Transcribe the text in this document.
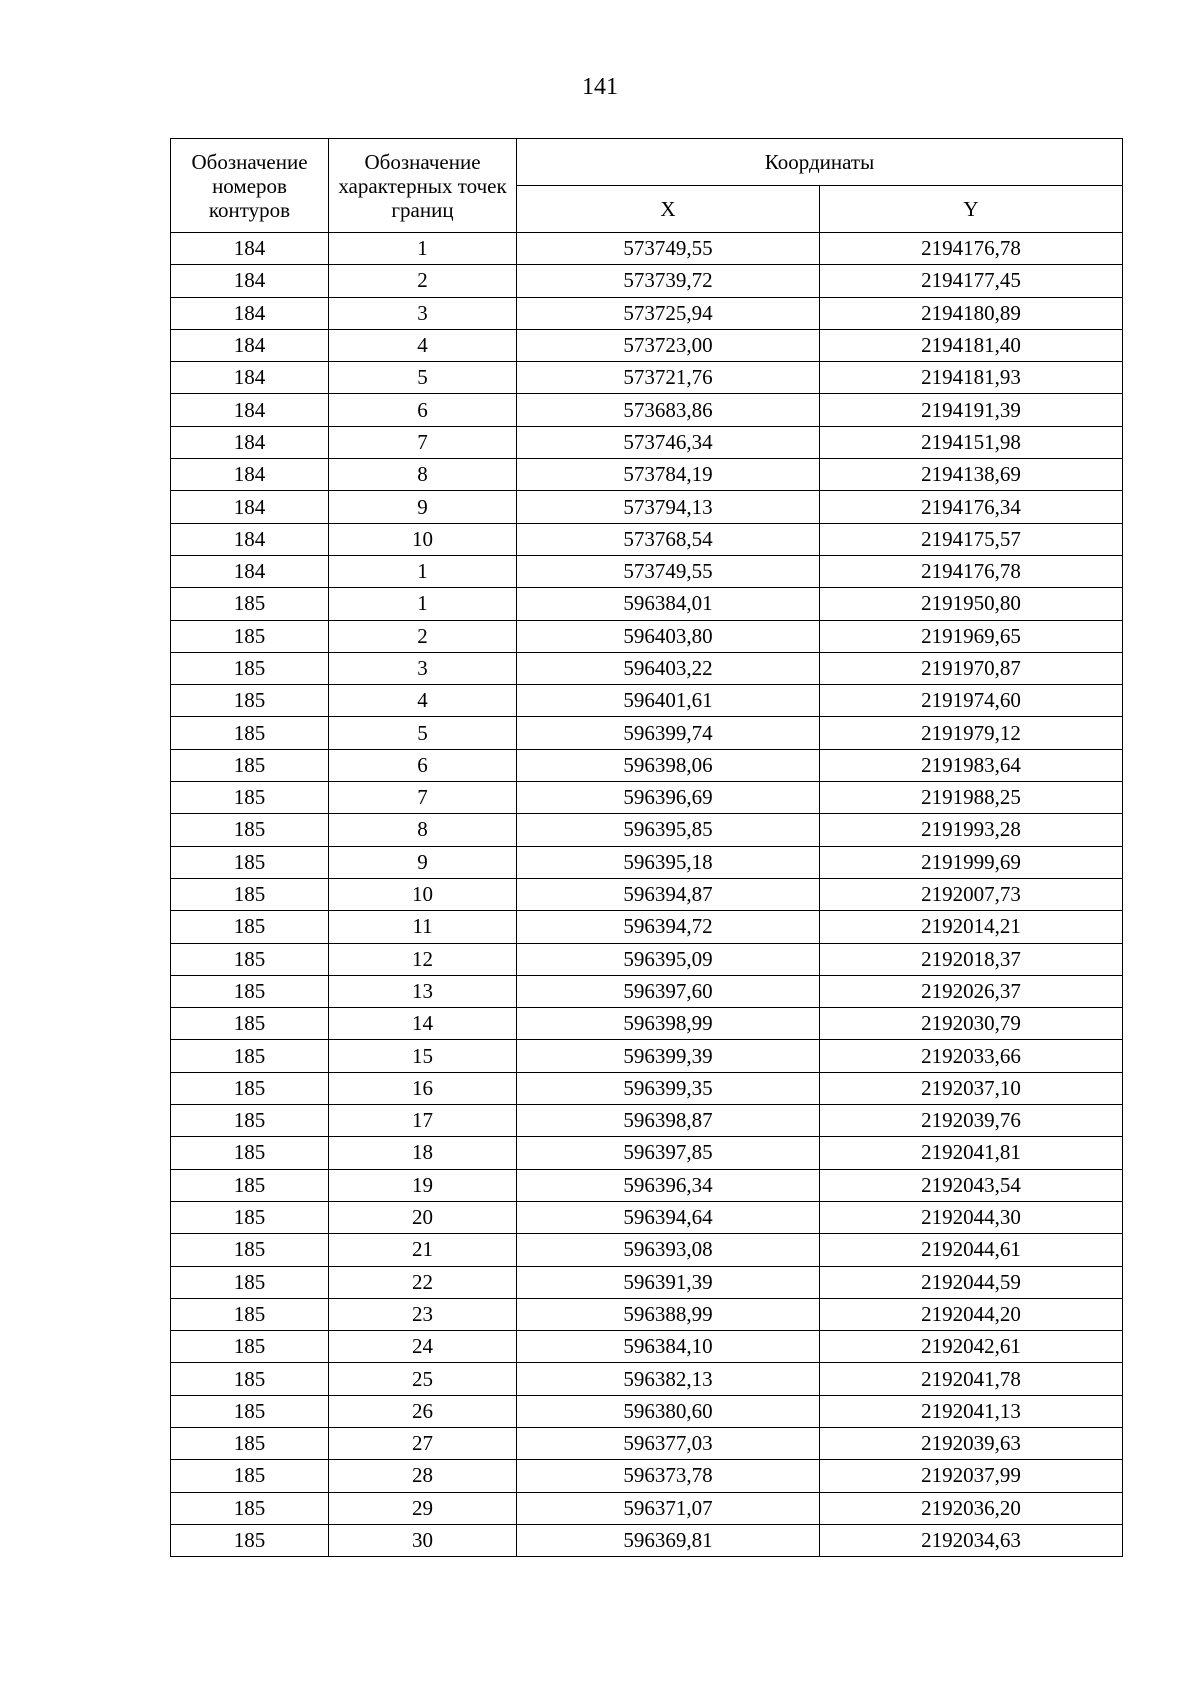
141
Обозначение номеров контуров	Обозначение характерных точек границ	Координаты	
		X	Y
184	1	573749,55	2194176,78
184	2	573739,72	2194177,45
184	3	573725,94	2194180,89
184	4	573723,00	2194181,40
184	5	573721,76	2194181,93
184	6	573683,86	2194191,39
184	7	573746,34	2194151,98
184	8	573784,19	2194138,69
184	9	573794,13	2194176,34
184	10	573768,54	2194175,57
184	1	573749,55	2194176,78
185	1	596384,01	2191950,80
185	2	596403,80	2191969,65
185	3	596403,22	2191970,87
185	4	596401,61	2191974,60
185	5	596399,74	2191979,12
185	6	596398,06	2191983,64
185	7	596396,69	2191988,25
185	8	596395,85	2191993,28
185	9	596395,18	2191999,69
185	10	596394,87	2192007,73
185	11	596394,72	2192014,21
185	12	596395,09	2192018,37
185	13	596397,60	2192026,37
185	14	596398,99	2192030,79
185	15	596399,39	2192033,66
185	16	596399,35	2192037,10
185	17	596398,87	2192039,76
185	18	596397,85	2192041,81
185	19	596396,34	2192043,54
185	20	596394,64	2192044,30
185	21	596393,08	2192044,61
185	22	596391,39	2192044,59
185	23	596388,99	2192044,20
185	24	596384,10	2192042,61
185	25	596382,13	2192041,78
185	26	596380,60	2192041,13
185	27	596377,03	2192039,63
185	28	596373,78	2192037,99
185	29	596371,07	2192036,20
185	30	596369,81	2192034,63
